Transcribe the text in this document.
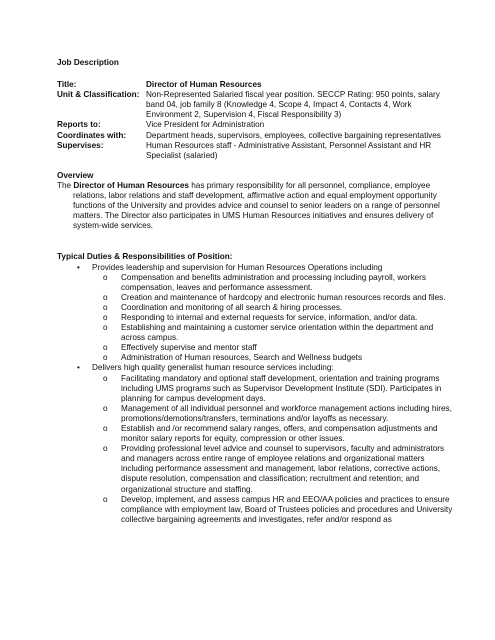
Job Description
Title:	Director of Human Resources
Unit & Classification: Non-Represented Salaried fiscal year position. SECCP Rating: 950 points, salary band 04, job family 8 (Knowledge 4, Scope 4, Impact 4, Contacts 4, Work Environment 2, Supervision 4, Fiscal Responsibility 3)
Reports to:	Vice President for Administration
Coordinates with:	Department heads, supervisors, employees, collective bargaining representatives
Supervises:	Human Resources staff - Administrative Assistant, Personnel Assistant and HR Specialist (salaried)
Overview
The Director of Human Resources has primary responsibility for all personnel, compliance, employee relations, labor relations and staff development, affirmative action and equal employment opportunity functions of the University and provides advice and counsel to senior leaders on a range of personnel matters. The Director also participates in UMS Human Resources initiatives and ensures delivery of system-wide services.
Typical Duties & Responsibilities of Position:
• Provides leadership and supervision for Human Resources Operations including
o Compensation and benefits administration and processing including payroll, workers compensation, leaves and performance assessment.
o Creation and maintenance of hardcopy and electronic human resources records and files.
o Coordination and monitoring of all search & hiring processes.
o Responding to internal and external requests for service, information, and/or data.
o Establishing and maintaining a customer service orientation within the department and across campus.
o Effectively supervise and mentor staff
o Administration of Human resources, Search and Wellness budgets
• Delivers high quality generalist human resource services including:
o Facilitating mandatory and optional staff development, orientation and training programs including UMS programs such as Supervisor Development Institute (SDI). Participates in planning for campus development days.
o Management of all individual personnel and workforce management actions including hires, promotions/demotions/transfers, terminations and/or layoffs as necessary.
o Establish and /or recommend salary ranges, offers, and compensation adjustments and monitor salary reports for equity, compression or other issues.
o Providing professional level advice and counsel to supervisors, faculty and administrators and managers across entire range of employee relations and organizational matters including performance assessment and management, labor relations, corrective actions, dispute resolution, compensation and classification; recruitment and retention; and organizational structure and staffing.
o Develop, implement, and assess campus HR and EEO/AA policies and practices to ensure compliance with employment law, Board of Trustees policies and procedures and University collective bargaining agreements and investigates, refer and/or respond as
